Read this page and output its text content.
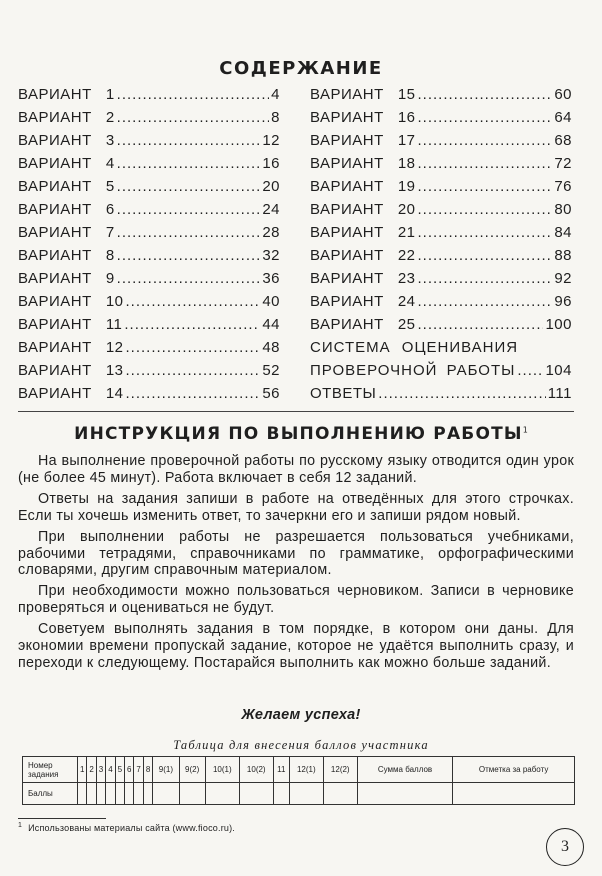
СОДЕРЖАНИЕ
ВАРИАНТ 1 .....	4
ВАРИАНТ 2 .....	8
ВАРИАНТ 3 .....	12
ВАРИАНТ 4 .....	16
ВАРИАНТ 5 .....	20
ВАРИАНТ 6 .....	24
ВАРИАНТ 7 .....	28
ВАРИАНТ 8 .....	32
ВАРИАНТ 9 .....	36
ВАРИАНТ 10 .....	40
ВАРИАНТ 11 .....	44
ВАРИАНТ 12 .....	48
ВАРИАНТ 13 .....	52
ВАРИАНТ 14 .....	56
ВАРИАНТ 15 .....	60
ВАРИАНТ 16 .....	64
ВАРИАНТ 17 .....	68
ВАРИАНТ 18 .....	72
ВАРИАНТ 19 .....	76
ВАРИАНТ 20 .....	80
ВАРИАНТ 21 .....	84
ВАРИАНТ 22 .....	88
ВАРИАНТ 23 .....	92
ВАРИАНТ 24 .....	96
ВАРИАНТ 25 .....	100
СИСТЕМА ОЦЕНИВАНИЯ
ПРОВЕРОЧНОЙ РАБОТЫ ..... 104
ОТВЕТЫ .....	111
ИНСТРУКЦИЯ ПО ВЫПОЛНЕНИЮ РАБОТЫ$^1$

На выполнение проверочной работы по русскому языку отводится один урок (не более 45 минут). Работа включает в себя 12 заданий.

Ответы на задания запиши в работе на отведённых для этого строчках. Если ты хочешь изменить ответ, то зачеркни его и запиши рядом новый.

При выполнении работы не разрешается пользоваться учебниками, рабочими тетрадями, справочниками по грамматике, орфографическими словарями, другим справочным материалом.

При необходимости можно пользоваться черновиком. Записи в черновике проверяться и оцениваться не будут.

Советуем выполнять задания в том порядке, в котором они даны. Для экономии времени пропускай задание, которое не удаётся выполнить сразу, и переходи к следующему. Постарайся выполнить как можно больше заданий.

Желаем успеха!
Таблица для внесения баллов участника
Номер задания	1	2	3	4	5	6	7	8	9(1)	9(2)	10(1)	10(2)	11	12(1)	12(2)	Сумма баллов	Отметка за работу
Баллы																	
$^1$ Использованы материалы сайта (www.fioco.ru).
3
